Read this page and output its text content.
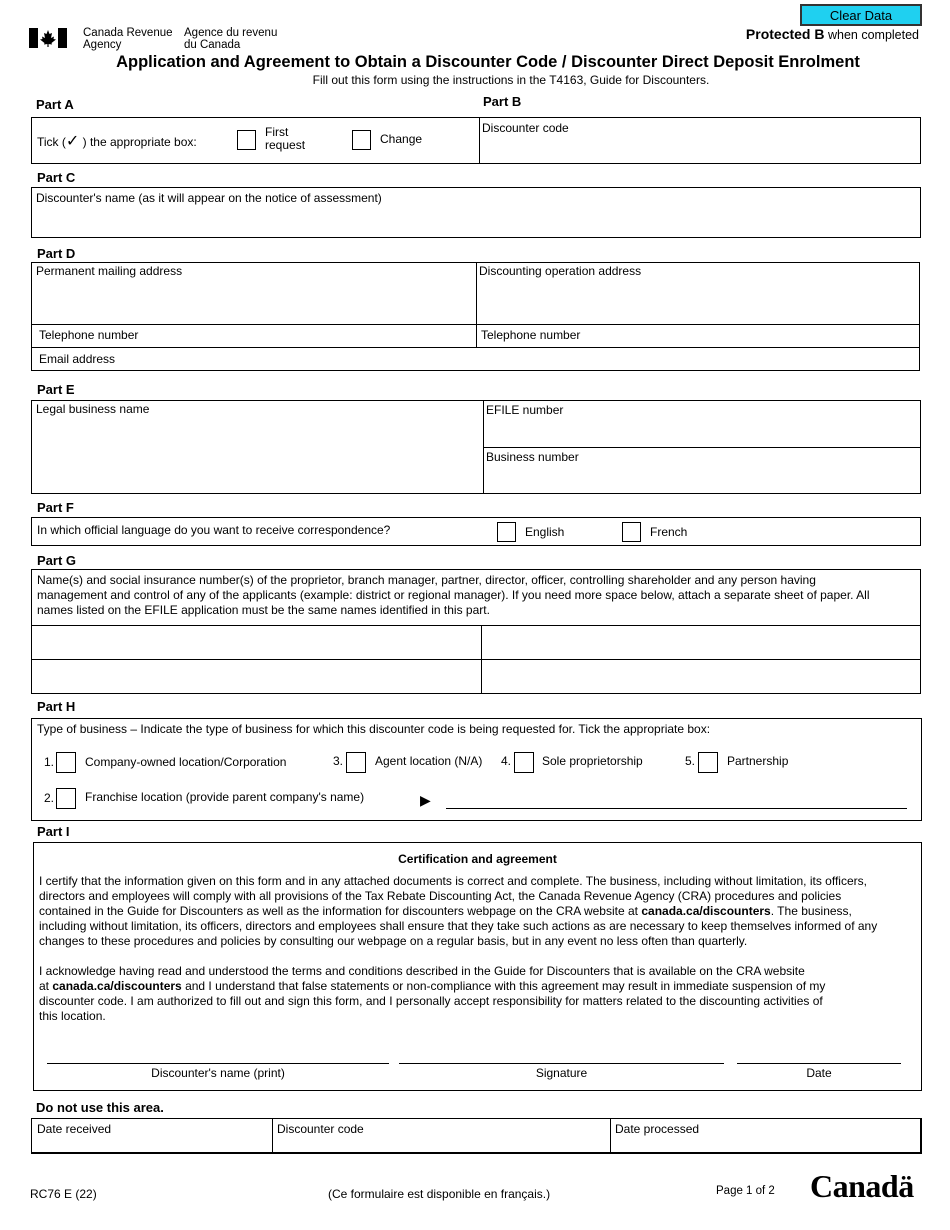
Canada Revenue
Agency
Agence du revenu
du Canada
Clear Data
Protected B when completed
Application and Agreement to Obtain a Discounter Code / Discounter Direct Deposit Enrolment
Fill out this form using the instructions in the T4163, Guide for Discounters.
Part A	Part B
Tick (✓ ) the appropriate box:
First
request	Change
Discounter code
Part C
Discounter's name (as it will appear on the notice of assessment)
Part D
Permanent mailing address	Discounting operation address
Telephone number	Telephone number
Email address
Part E
Legal business name	EFILE number
Business number
Part F
In which official language do you want to receive correspondence?	English	French
Part G
Name(s) and social insurance number(s) of the proprietor, branch manager, partner, director, officer, controlling shareholder and any person having
management and control of any of the applicants (example: district or regional manager). If you need more space below, attach a separate sheet of paper. All
names listed on the EFILE application must be the same names identified in this part.
Part H
Type of business – Indicate the type of business for which this discounter code is being requested for. Tick the appropriate box:
1.	Company-owned location/Corporation	3.	Agent location (N/A) 4.	Sole proprietorship	5.	Partnership
2.	Franchise location (provide parent company's name)	▶
Part I
Certification and agreement
I certify that the information given on this form and in any attached documents is correct and complete. The business, including without limitation, its officers,
directors and employees will comply with all provisions of the Tax Rebate Discounting Act, the Canada Revenue Agency (CRA) procedures and policies
contained in the Guide for Discounters as well as the information for discounters webpage on the CRA website at canada.ca/discounters. The business,
including without limitation, its officers, directors and employees shall ensure that they take such actions as are necessary to keep themselves informed of any
changes to these procedures and policies by consulting our webpage on a regular basis, but in any event no less often than quarterly.
I acknowledge having read and understood the terms and conditions described in the Guide for Discounters that is available on the CRA website
at canada.ca/discounters and I understand that false statements or non-compliance with this agreement may result in immediate suspension of my
discounter code. I am authorized to fill out and sign this form, and I personally accept responsibility for matters related to the discounting activities of
this location.
Discounter's name (print)	Signature	Date
Do not use this area.
Date received	Discounter code	Date processed
RC76 E (22)	(Ce formulaire est disponible en français.)	Page 1 of 2 Canadä
